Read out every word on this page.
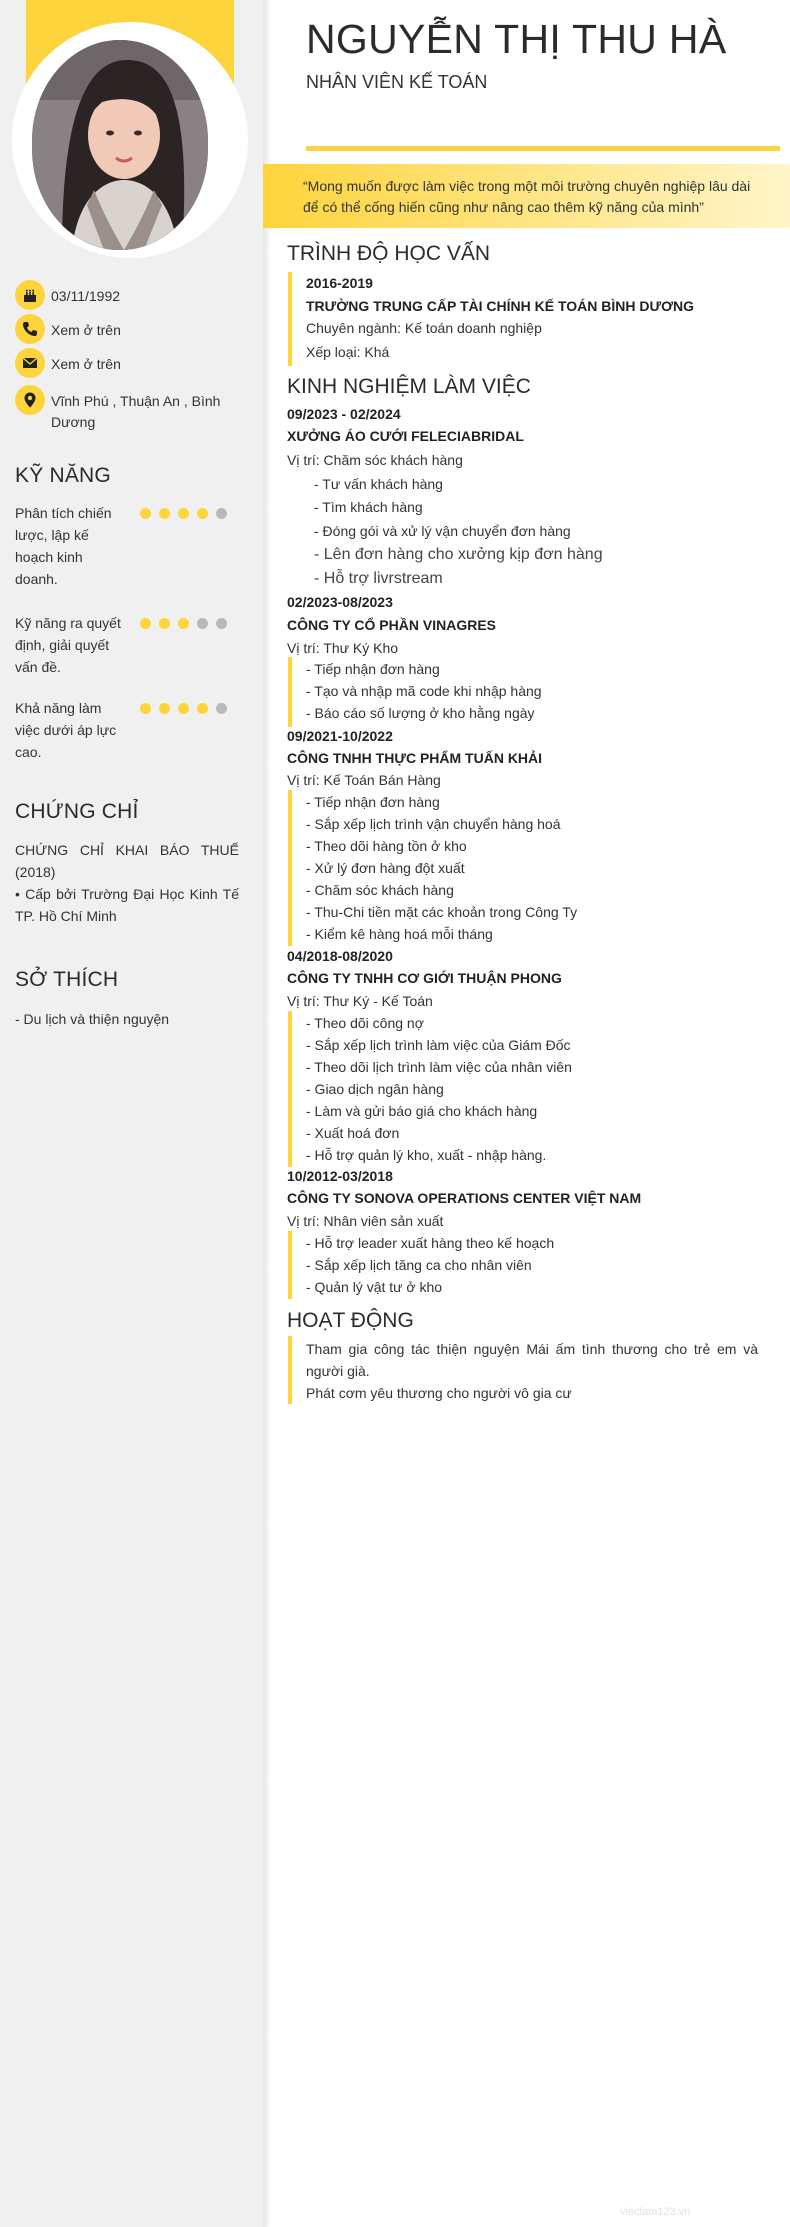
03/11/1992
Xem ở trên
Xem ở trên
Vĩnh Phú , Thuận An , Bình Dương
KỸ NĂNG
Phân tích chiến lược, lập kế hoạch kinh doanh.
Kỹ năng ra quyết định, giải quyết vấn đề.
Khả năng làm việc dưới áp lực cao.
CHỨNG CHỈ
CHỨNG CHỈ KHAI BÁO THUẾ (2018)
• Cấp bởi Trường Đại Học Kinh Tế TP. Hồ Chí Minh
SỞ THÍCH
- Du lịch và thiện nguyện
NGUYỄN THỊ THU HÀ
NHÂN VIÊN KẾ TOÁN
“Mong muốn được làm việc trong một môi trường chuyên nghiệp lâu dài để có thể cống hiến cũng như nâng cao thêm kỹ năng của mình”
TRÌNH ĐỘ HỌC VẤN
2016-2019
TRƯỜNG TRUNG CẤP TÀI CHÍNH KẾ TOÁN BÌNH DƯƠNG
Chuyên ngành: Kế toán doanh nghiệp
Xếp loại: Khá
KINH NGHIỆM LÀM VIỆC
09/2023 - 02/2024
XƯỞNG ÁO CƯỚI FELECIABRIDAL
Vị trí: Chăm sóc khách hàng
- Tư vấn khách hàng
- Tìm khách hàng
- Đóng gói và xử lý vận chuyển đơn hàng
- Lên đơn hàng cho xưởng kịp đơn hàng
- Hỗ trợ livrstream
02/2023-08/2023
CÔNG TY CỔ PHẦN VINAGRES
Vị trí: Thư Ký Kho
- Tiếp nhận đơn hàng
- Tạo và nhập mã code khi nhập hàng
- Báo cáo số lượng ở kho hằng ngày
09/2021-10/2022
CÔNG TNHH THỰC PHẨM TUẤN KHẢI
Vị trí: Kế Toán Bán Hàng
- Tiếp nhận đơn hàng
- Sắp xếp lịch trình vận chuyển hàng hoá
- Theo dõi hàng tồn ở kho
- Xử lý đơn hàng đột xuất
- Chăm sóc khách hàng
- Thu-Chi tiền mặt các khoản trong Công Ty
- Kiểm kê hàng hoá mỗi tháng
04/2018-08/2020
CÔNG TY TNHH CƠ GIỚI THUẬN PHONG
Vị trí: Thư Ký - Kế Toán
- Theo dõi công nợ
- Sắp xếp lịch trình làm việc của Giám Đốc
- Theo dõi lịch trình làm việc của nhân viên
- Giao dịch ngân hàng
- Làm và gửi báo giá cho khách hàng
- Xuất hoá đơn
- Hỗ trợ quản lý kho, xuất - nhập hàng.
10/2012-03/2018
CÔNG TY SONOVA OPERATIONS CENTER VIỆT NAM
Vị trí: Nhân viên sản xuất
- Hỗ trợ leader xuất hàng theo kế hoạch
- Sắp xếp lịch tăng ca cho nhân viên
- Quản lý vật tư ở kho
HOẠT ĐỘNG
Tham gia công tác thiện nguyện Mái ấm tình thương cho trẻ em và người già.
Phát cơm yêu thương cho người vô gia cư
vieclam123.vn
